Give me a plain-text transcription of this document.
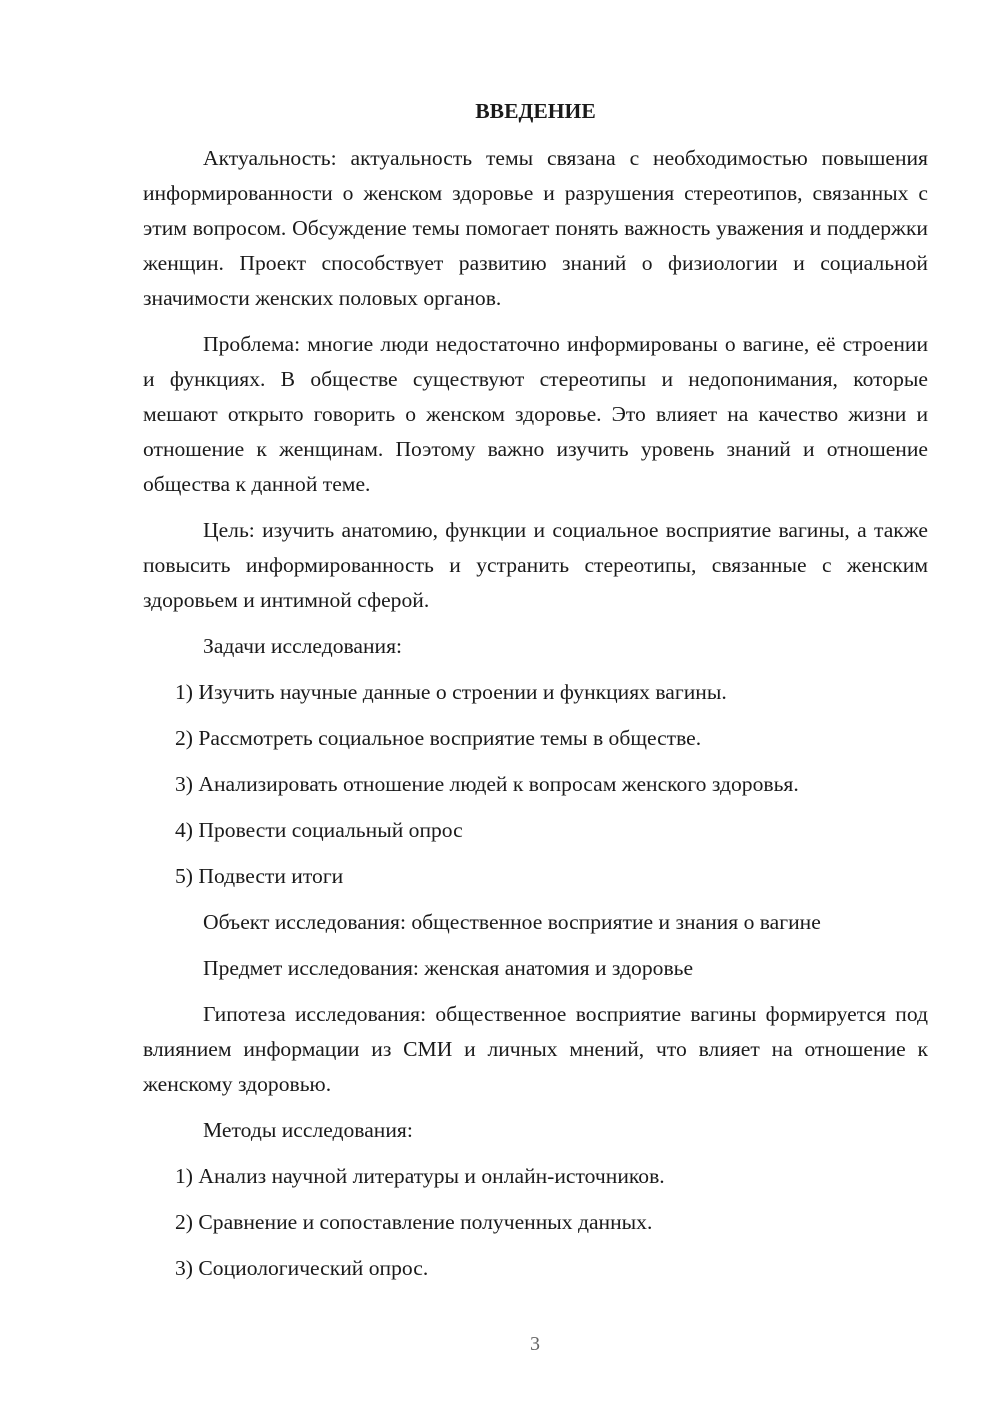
ВВЕДЕНИЕ

Актуальность: актуальность темы связана с необходимостью повышения информированности о женском здоровье и разрушения стереотипов, связанных с этим вопросом. Обсуждение темы помогает понять важность уважения и поддержки женщин. Проект способствует развитию знаний о физиологии и социальной значимости женских половых органов.

Проблема: многие люди недостаточно информированы о вагине, её строении и функциях. В обществе существуют стереотипы и недопонимания, которые мешают открыто говорить о женском здоровье. Это влияет на качество жизни и отношение к женщинам. Поэтому важно изучить уровень знаний и отношение общества к данной теме.

Цель: изучить анатомию, функции и социальное восприятие вагины, а также повысить информированность и устранить стереотипы, связанные с женским здоровьем и интимной сферой.

Задачи исследования:

1) Изучить научные данные о строении и функциях вагины.

2) Рассмотреть социальное восприятие темы в обществе.

3) Анализировать отношение людей к вопросам женского здоровья.

4) Провести социальный опрос

5) Подвести итоги

Объект исследования: общественное восприятие и знания о вагине

Предмет исследования: женская анатомия и здоровье

Гипотеза исследования: общественное восприятие вагины формируется под влиянием информации из СМИ и личных мнений, что влияет на отношение к женскому здоровью.

Методы исследования:

1) Анализ научной литературы и онлайн-источников.

2) Сравнение и сопоставление полученных данных.

3) Социологический опрос.

3
